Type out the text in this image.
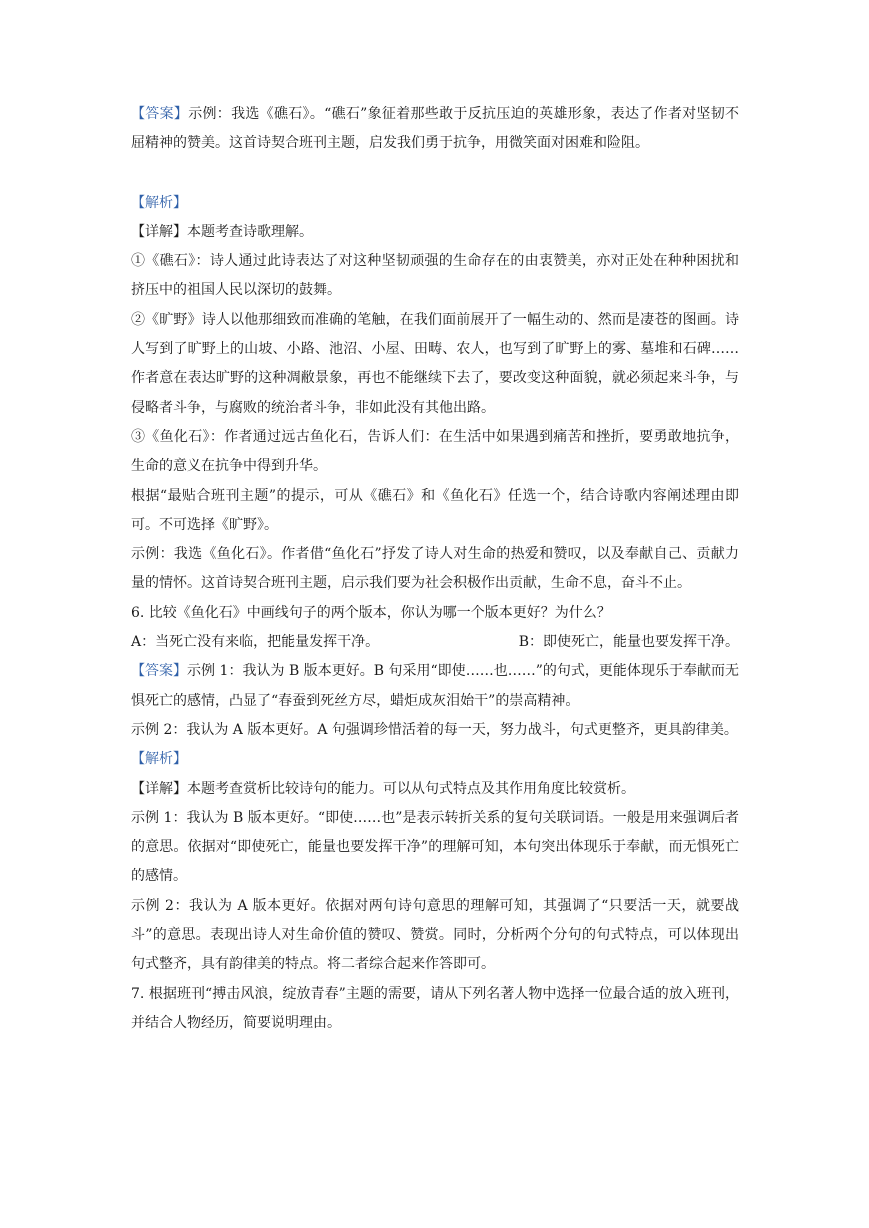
【答案】示例：我选《礁石》。“礁石”象征着那些敢于反抗压迫的英雄形象，表达了作者对坚韧不屈精神的赞美。这首诗契合班刊主题，启发我们勇于抗争，用微笑面对困难和险阻。

【解析】

【详解】本题考查诗歌理解。

①《礁石》：诗人通过此诗表达了对这种坚韧顽强的生命存在的由衷赞美，亦对正处在种种困扰和挤压中的祖国人民以深切的鼓舞。

②《旷野》诗人以他那细致而准确的笔触，在我们面前展开了一幅生动的、然而是凄苍的图画。诗人写到了旷野上的山坡、小路、池沼、小屋、田畴、农人，也写到了旷野上的雾、墓堆和石碑……作者意在表达旷野的这种凋敝景象，再也不能继续下去了，要改变这种面貌，就必须起来斗争，与侵略者斗争，与腐败的统治者斗争，非如此没有其他出路。

③《鱼化石》：作者通过远古鱼化石，告诉人们：在生活中如果遇到痛苦和挫折，要勇敢地抗争，生命的意义在抗争中得到升华。

根据“最贴合班刊主题”的提示，可从《礁石》和《鱼化石》任选一个，结合诗歌内容阐述理由即可。不可选择《旷野》。

示例：我选《鱼化石》。作者借“鱼化石”抒发了诗人对生命的热爱和赞叹，以及奉献自己、贡献力量的情怀。这首诗契合班刊主题，启示我们要为社会积极作出贡献，生命不息，奋斗不止。

6. 比较《鱼化石》中画线句子的两个版本，你认为哪一个版本更好？为什么？

A：当死亡没有来临，把能量发挥干净。	B：即使死亡，能量也要发挥干净。

【答案】示例 1：我认为 B 版本更好。B 句采用“即使……也……”的句式，更能体现乐于奉献而无惧死亡的感情，凸显了“春蚕到死丝方尽，蜡炬成灰泪始干”的崇高精神。

示例 2：我认为 A 版本更好。A 句强调珍惜活着的每一天，努力战斗，句式更整齐，更具韵律美。

【解析】

【详解】本题考查赏析比较诗句的能力。可以从句式特点及其作用角度比较赏析。

示例 1：我认为 B 版本更好。“即使……也”是表示转折关系的复句关联词语。一般是用来强调后者的意思。依据对“即使死亡，能量也要发挥干净”的理解可知，本句突出体现乐于奉献，而无惧死亡的感情。

示例 2：我认为 A 版本更好。依据对两句诗句意思的理解可知，其强调了“只要活一天，就要战斗”的意思。表现出诗人对生命价值的赞叹、赞赏。同时，分析两个分句的句式特点，可以体现出句式整齐，具有韵律美的特点。将二者综合起来作答即可。

7. 根据班刊“搏击风浪，绽放青春”主题的需要，请从下列名著人物中选择一位最合适的放入班刊，并结合人物经历，简要说明理由。
